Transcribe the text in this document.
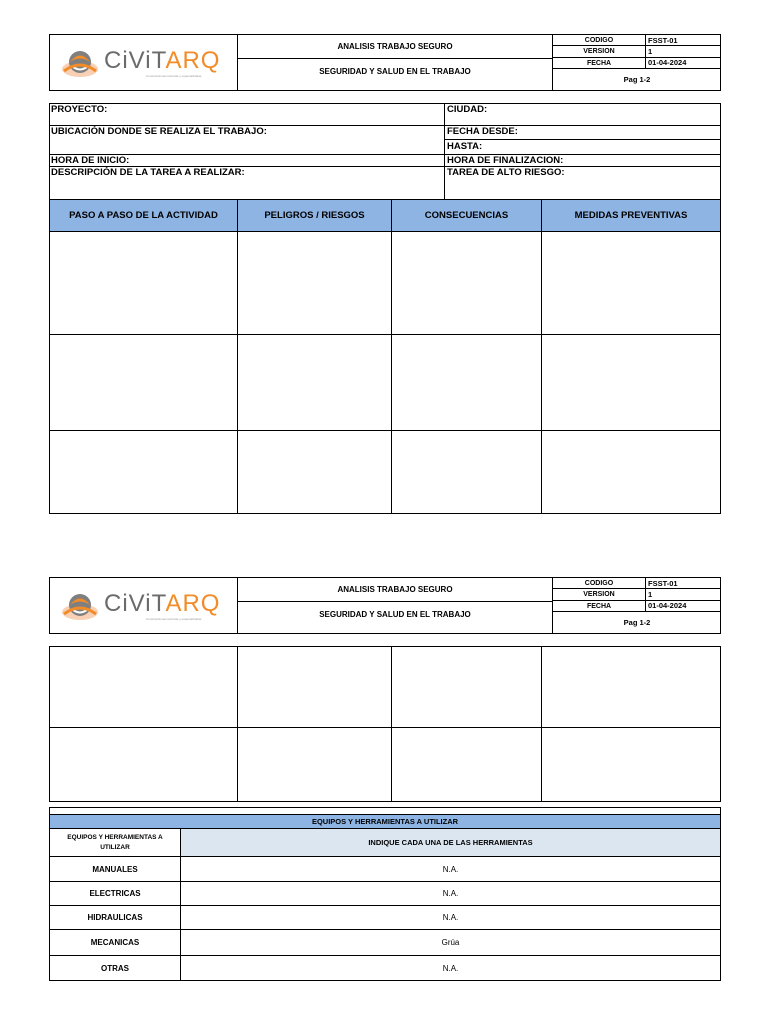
CiViTARQ
Construcciones técnicas y especializadas
ANALISIS TRABAJO SEGURO
SEGURIDAD Y SALUD EN EL TRABAJO
CODIGO	FSST-01
VERSION	1
FECHA	01-04-2024
Pag 1-2
PROYECTO:	CIUDAD:
UBICACIÓN DONDE SE REALIZA EL TRABAJO:	FECHA DESDE:
HASTA:
HORA DE INICIO:	HORA DE FINALIZACION:
DESCRIPCIÓN DE LA TAREA A REALIZAR:	TAREA DE ALTO RIESGO:
PASO A PASO DE LA ACTIVIDAD	PELIGROS / RIESGOS	CONSECUENCIAS	MEDIDAS PREVENTIVAS
CiViTARQ
Construcciones técnicas y especializadas
ANALISIS TRABAJO SEGURO
SEGURIDAD Y SALUD EN EL TRABAJO
CODIGO	FSST-01
VERSION	1
FECHA	01-04-2024
Pag 1-2
EQUIPOS Y HERRAMIENTAS A UTILIZAR
EQUIPOS Y HERRAMIENTAS A UTILIZAR	INDIQUE CADA UNA DE LAS HERRAMIENTAS
MANUALES	N.A.
ELECTRICAS	N.A.
HIDRAULICAS	N.A.
MECANICAS	Grúa
OTRAS	N.A.
